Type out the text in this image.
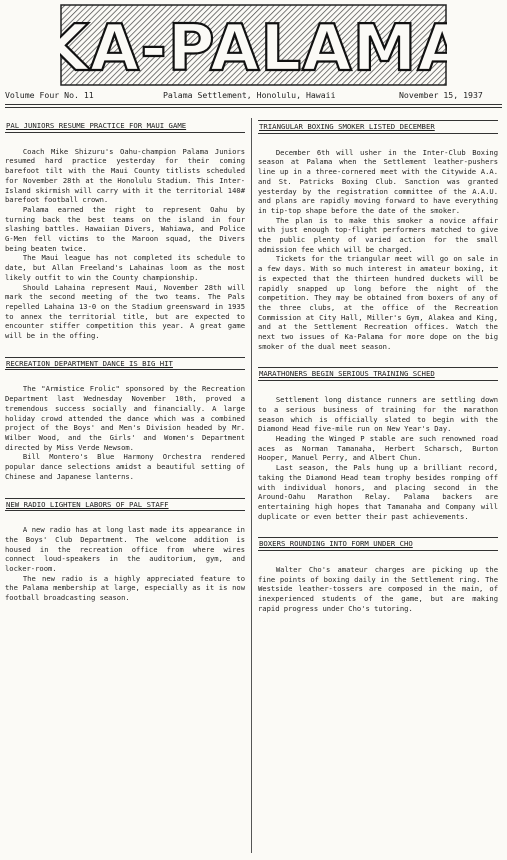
KA-PALAMA
Volume Four No. 11	Palama Settlement, Honolulu, Hawaii	November 15, 1937
PAL JUNIORS RESUME PRACTICE FOR MAUI GAME

Coach Mike Shizuru's Oahu-champion Palama Juniors resumed hard practice yesterday for their coming barefoot tilt with the Maui County titlists scheduled for November 28th at the Honolulu Stadium. This Inter-Island skirmish will carry with it the territorial 140# barefoot football crown.

Palama earned the right to represent Oahu by turning back the best teams on the island in four slashing battles. Hawaiian Divers, Wahiawa, and Police G-Men fell victims to the Maroon squad, the Divers being beaten twice.

The Maui league has not completed its schedule to date, but Allan Freeland's Lahainas loom as the most likely outfit to win the County championship.

Should Lahaina represent Maui, November 28th will mark the second meeting of the two teams. The Pals repelled Lahaina 13-0 on the Stadium greensward in 1935 to annex the territorial title, but are expected to encounter stiffer competition this year. A great game will be in the offing.

RECREATION DEPARTMENT DANCE IS BIG HIT

The "Armistice Frolic" sponsored by the Recreation Department last Wednesday November 10th, proved a tremendous success socially and financially. A large holiday crowd attended the dance which was a combined project of the Boys' and Men's Division headed by Mr. Wilber Wood, and the Girls' and Women's Department directed by Miss Verde Newsom.

Bill Montero's Blue Harmony Orchestra rendered popular dance selections amidst a beautiful setting of Chinese and Japanese lanterns.

NEW RADIO LIGHTEN LABORS OF PAL STAFF

A new radio has at long last made its appearance in the Boys' Club Department. The welcome addition is housed in the recreation office from where wires connect loud-speakers in the auditorium, gym, and locker-room.

The new radio is a highly appreciated feature to the Palama membership at large, especially as it is now football broadcasting season.

TRIANGULAR BOXING SMOKER LISTED DECEMBER

December 6th will usher in the Inter-Club Boxing season at Palama when the Settlement leather-pushers line up in a three-cornered meet with the Citywide A.A. and St. Patricks Boxing Club. Sanction was granted yesterday by the registration committee of the A.A.U. and plans are rapidly moving forward to have everything in tip-top shape before the date of the smoker.

The plan is to make this smoker a novice affair with just enough top-flight performers matched to give the public plenty of varied action for the small admission fee which will be charged.

Tickets for the triangular meet will go on sale in a few days. With so much interest in amateur boxing, it is expected that the thirteen hundred duckets will be rapidly snapped up long before the night of the competition. They may be obtained from boxers of any of the three clubs, at the office of the Recreation Commission at City Hall, Miller's Gym, Alakea and King, and at the Settlement Recreation offices. Watch the next two issues of Ka-Palama for more dope on the big smoker of the dual meet season.

MARATHONERS BEGIN SERIOUS TRAINING SCHED

Settlement long distance runners are settling down to a serious business of training for the marathon season which is officially slated to begin with the Diamond Head five-mile run on New Year's Day.

Heading the Winged P stable are such renowned road aces as Norman Tamanaha, Herbert Scharsch, Burton Hooper, Manuel Perry, and Albert Chun.

Last season, the Pals hung up a brilliant record, taking the Diamond Head team trophy besides romping off with individual honors, and placing second in the Around-Oahu Marathon Relay. Palama backers are entertaining high hopes that Tamanaha and Company will duplicate or even better their past achievements.

BOXERS ROUNDING INTO FORM UNDER CHO

Walter Cho's amateur charges are picking up the fine points of boxing daily in the Settlement ring. The Westside leather-tossers are composed in the main, of inexperienced students of the game, but are making rapid progress under Cho's tutoring.
